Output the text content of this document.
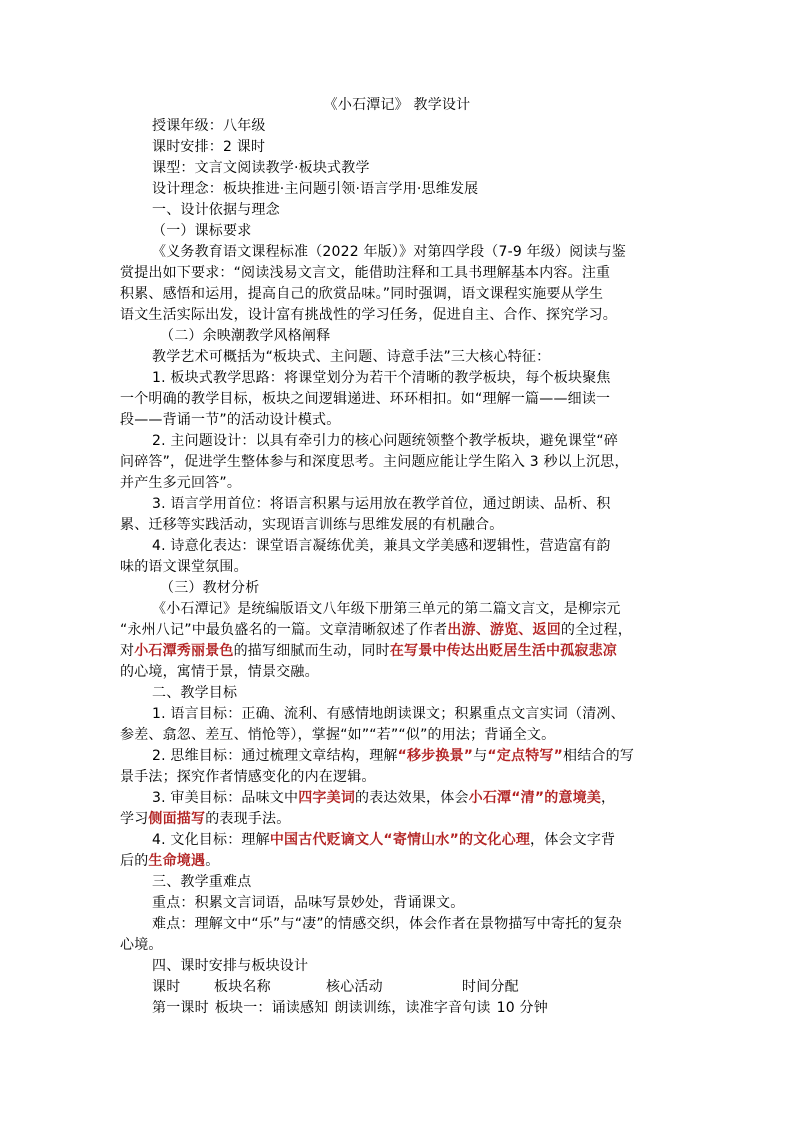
《小石潭记》 教学设计
授课年级：八年级
课时安排：2 课时
课型：文言文阅读教学·板块式教学
设计理念：板块推进·主问题引领·语言学用·思维发展
一、设计依据与理念
（一）课标要求
《义务教育语文课程标准（2022 年版）》对第四学段（7-9 年级）阅读与鉴
赏提出如下要求：“阅读浅易文言文，能借助注释和工具书理解基本内容。注重
积累、感悟和运用，提高自己的欣赏品味。”同时强调，语文课程实施要从学生
语文生活实际出发，设计富有挑战性的学习任务，促进自主、合作、探究学习。
（二）余映潮教学风格阐释
教学艺术可概括为“板块式、主问题、诗意手法”三大核心特征：
1. 板块式教学思路：将课堂划分为若干个清晰的教学板块，每个板块聚焦
一个明确的教学目标，板块之间逻辑递进、环环相扣。如“理解一篇——细读一
段——背诵一节”的活动设计模式。
2. 主问题设计：以具有牵引力的核心问题统领整个教学板块，避免课堂“碎
问碎答”，促进学生整体参与和深度思考。主问题应能让学生陷入 3 秒以上沉思，
并产生多元回答”。
3. 语言学用首位：将语言积累与运用放在教学首位，通过朗读、品析、积
累、迁移等实践活动，实现语言训练与思维发展的有机融合。
4. 诗意化表达：课堂语言凝练优美，兼具文学美感和逻辑性，营造富有韵
味的语文课堂氛围。
（三）教材分析
《小石潭记》是统编版语文八年级下册第三单元的第二篇文言文，是柳宗元
“永州八记”中最负盛名的一篇。文章清晰叙述了作者出游、游览、返回的全过程，
对小石潭秀丽景色的描写细腻而生动，同时在写景中传达出贬居生活中孤寂悲凉
的心境，寓情于景，情景交融。
二、教学目标
1. 语言目标：正确、流利、有感情地朗读课文；积累重点文言实词（清冽、
参差、翕忽、差互、悄怆等），掌握“如”“若”“似”的用法；背诵全文。
2. 思维目标：通过梳理文章结构，理解“移步换景”与“定点特写”相结合的写
景手法；探究作者情感变化的内在逻辑。
3. 审美目标：品味文中四字美词的表达效果，体会小石潭“清”的意境美，
学习侧面描写的表现手法。
4. 文化目标：理解中国古代贬谪文人“寄情山水”的文化心理，体会文字背
后的生命境遇。
三、教学重难点
重点：积累文言词语，品味写景妙处，背诵课文。
难点：理解文中“乐”与“凄”的情感交织，体会作者在景物描写中寄托的复杂
心境。
四、课时安排与板块设计
课时 板块名称	核心活动	时间分配
第一课时 板块一：诵读感知 朗读训练，读准字音句读 10 分钟
